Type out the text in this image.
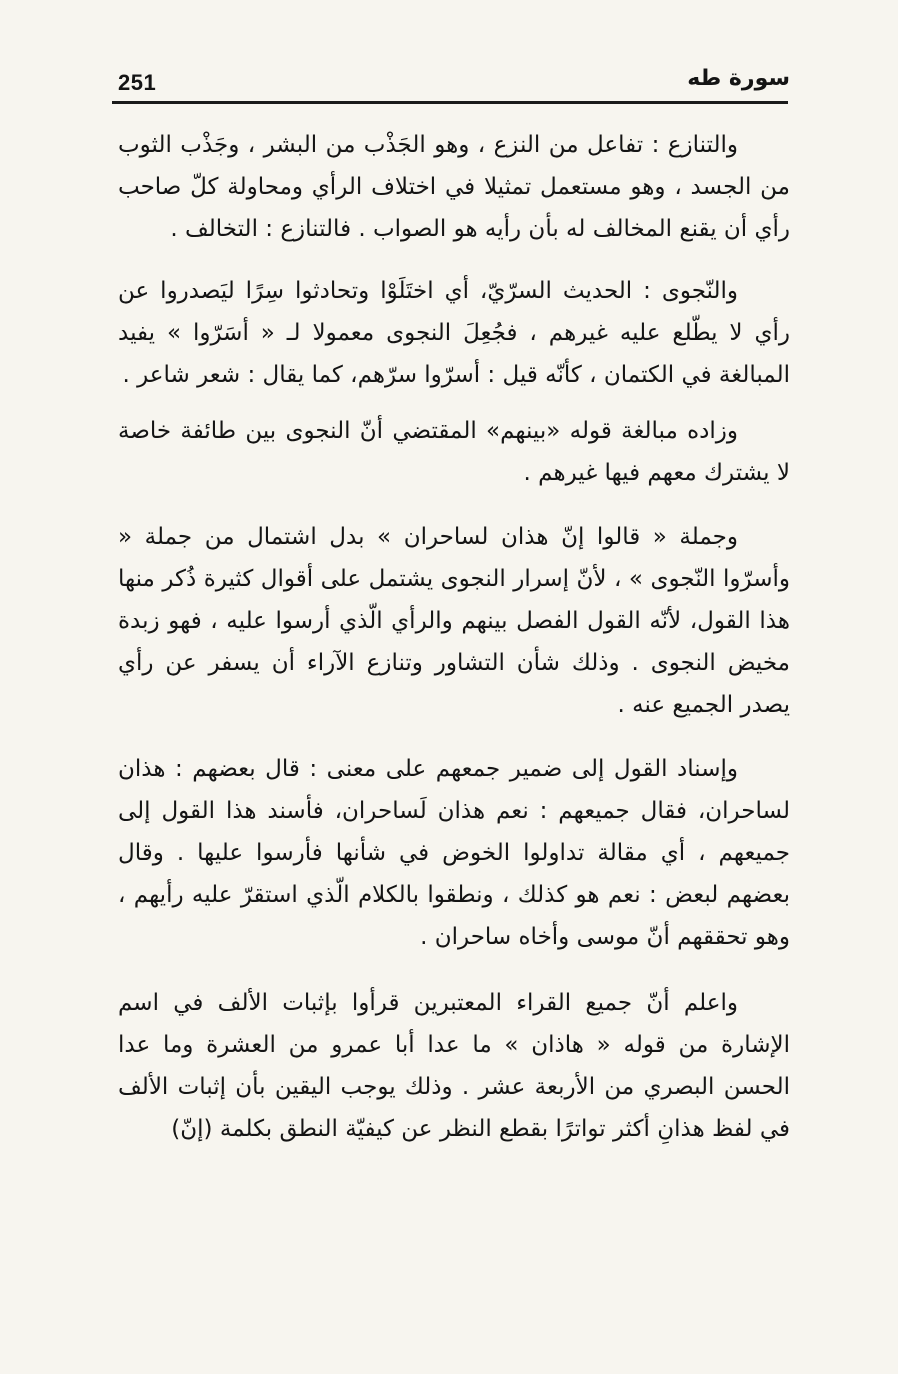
251	سورة طه

والتنازع : تفاعل من النزع ، وهو الجَذْب من البشر ، وجَذْب الثوب من الجسد ، وهو مستعمل تمثيلا في اختلاف الرأي ومحاولة كلّ صاحب رأي أن يقنع المخالف له بأن رأيه هو الصواب . فالتنازع : التخالف .

والنّجوى : الحديث السرّيّ، أي اختَلَوْا وتحادثوا سِرًا ليَصدروا عن رأي لا يطّلع عليه غيرهم ، فجُعِلَ النجوى معمولا لـ « أسَرّوا » يفيد المبالغة في الكتمان ، كأنّه قيل : أسرّوا سرّهم، كما يقال : شعر شاعر .

وزاده مبالغة قوله «بينهم» المقتضي أنّ النجوى بين طائفة خاصة لا يشترك معهم فيها غيرهم .

وجملة « قالوا إنّ هذان لساحران » بدل اشتمال من جملة « وأسرّوا النّجوى » ، لأنّ إسرار النجوى يشتمل على أقوال كثيرة ذُكر منها هذا القول، لأنّه القول الفصل بينهم والرأي الّذي أرسوا عليه ، فهو زبدة مخيض النجوى . وذلك شأن التشاور وتنازع الآراء أن يسفر عن رأي يصدر الجميع عنه .

وإسناد القول إلى ضمير جمعهم على معنى : قال بعضهم : هذان لساحران، فقال جميعهم : نعم هذان لَساحران، فأسند هذا القول إلى جميعهم ، أي مقالة تداولوا الخوض في شأنها فأرسوا عليها . وقال بعضهم لبعض : نعم هو كذلك ، ونطقوا بالكلام الّذي استقرّ عليه رأيهم ، وهو تحققهم أنّ موسى وأخاه ساحران .

واعلم أنّ جميع القراء المعتبرين قرأوا بإثبات الألف في اسم الإشارة من قوله « هاذان » ما عدا أبا عمرو من العشرة وما عدا الحسن البصري من الأربعة عشر . وذلك يوجب اليقين بأن إثبات الألف في لفظ هذانِ أكثر تواترًا بقطع النظر عن كيفيّة النطق بكلمة (إنّ)
